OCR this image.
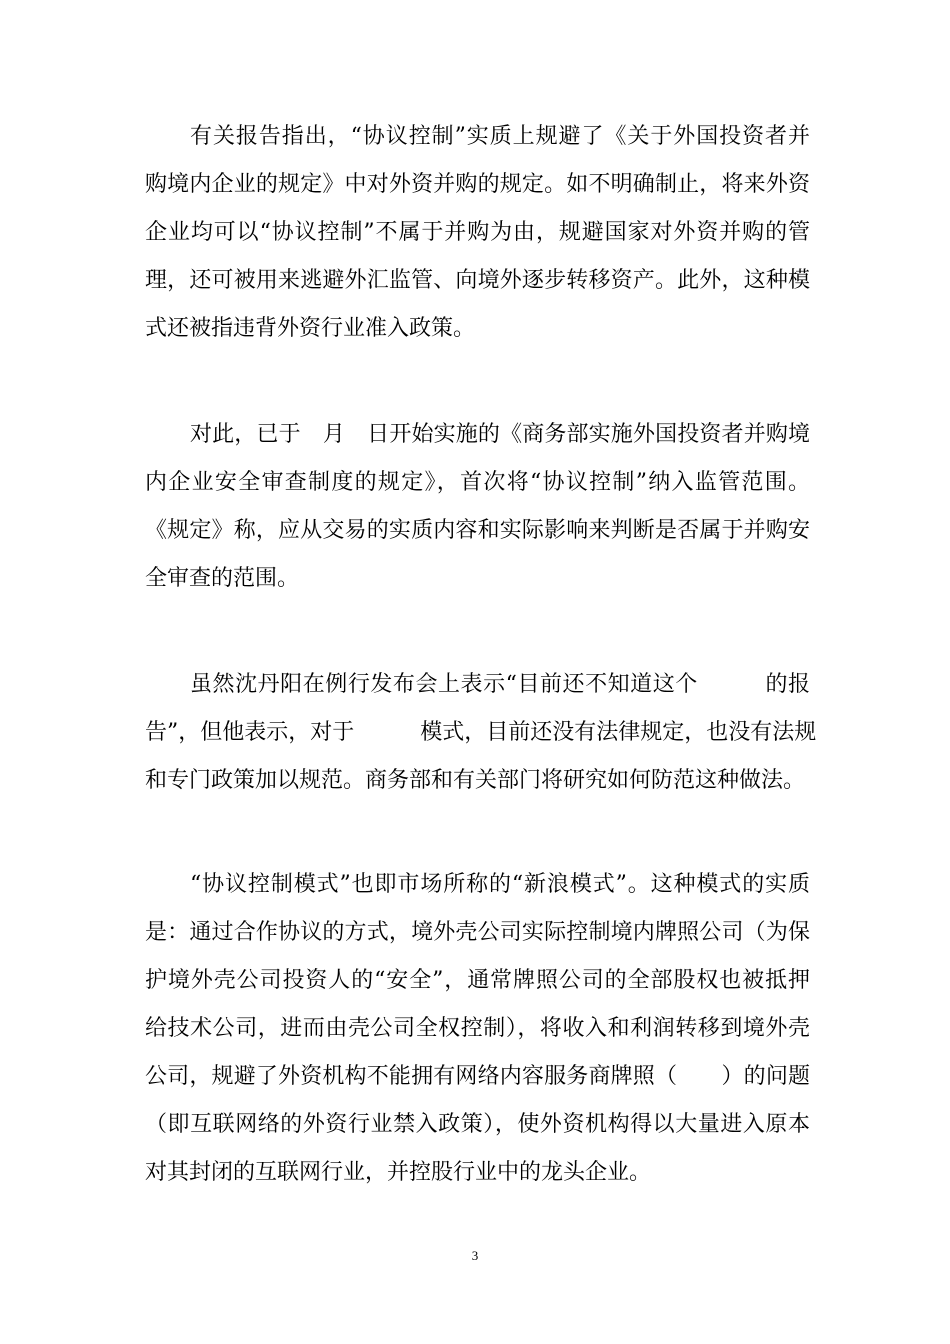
有关报告指出，“协议控制”实质上规避了《关于外国投资者并
购境内企业的规定》中对外资并购的规定。如不明确制止，将来外资
企业均可以“协议控制”不属于并购为由，规避国家对外资并购的管
理，还可被用来逃避外汇监管、向境外逐步转移资产。此外，这种模
式还被指违背外资行业准入政策。
对此，已于　月　日开始实施的《商务部实施外国投资者并购境
内企业安全审查制度的规定》，首次将“协议控制”纳入监管范围。
《规定》称，应从交易的实质内容和实际影响来判断是否属于并购安
全审查的范围。
虽然沈丹阳在例行发布会上表示“目前还不知道这个　　　的报
告”，但他表示，对于　　　模式，目前还没有法律规定，也没有法规
和专门政策加以规范。商务部和有关部门将研究如何防范这种做法。
“协议控制模式”也即市场所称的“新浪模式”。这种模式的实质
是：通过合作协议的方式，境外壳公司实际控制境内牌照公司（为保
护境外壳公司投资人的“安全”，通常牌照公司的全部股权也被抵押
给技术公司，进而由壳公司全权控制），将收入和利润转移到境外壳
公司，规避了外资机构不能拥有网络内容服务商牌照（　　）的问题
（即互联网络的外资行业禁入政策），使外资机构得以大量进入原本
对其封闭的互联网行业，并控股行业中的龙头企业。
3
